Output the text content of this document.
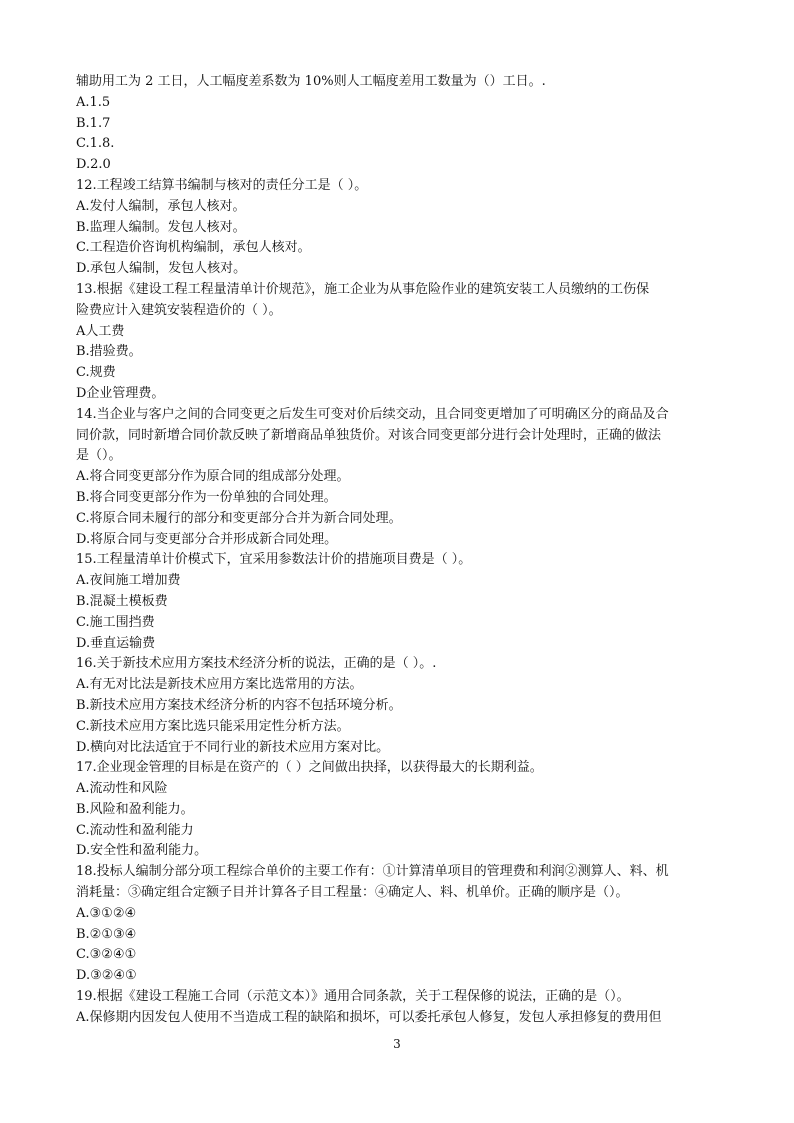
辅助用工为 2 工日，人工幅度差系数为 10%则人工幅度差用工数量为（）工日。.
A.1.5
B.1.7
C.1.8.
D.2.0
12.工程竣工结算书编制与核对的责任分工是（ ）。
A.发付人编制，承包人核对。
B.监理人编制。发包人核对。
C.工程造价咨询机构编制，承包人核对。
D.承包人编制，发包人核对。
13.根据《建设工程工程量清单计价规范》，施工企业为从事危险作业的建筑安装工人员缴纳的工伤保
险费应计入建筑安装程造价的（ ）。
A人工费
B.措验费。
C.规费
D企业管理费。
14.当企业与客户之间的合同变更之后发生可变对价后续交动，且合同变更增加了可明确区分的商品及合
同价款，同时新增合同价款反映了新增商品单独货价。对该合同变更部分进行会计处理时，正确的做法
是（）。
A.将合同变更部分作为原合同的组成部分处理。
B.将合同变更部分作为一份单独的合同处理。
C.将原合同未履行的部分和变更部分合并为新合同处理。
D.将原合同与变更部分合并形成新合同处理。
15.工程量清单计价模式下，宜采用参数法计价的措施项目费是（ ）。
A.夜间施工增加费
B.混凝土模板费
C.施工围挡费
D.垂直运输费
16.关于新技术应用方案技术经济分析的说法，正确的是（ ）。.
A.有无对比法是新技术应用方案比选常用的方法。
B.新技术应用方案技术经济分析的内容不包括环境分析。
C.新技术应用方案比选只能采用定性分析方法。
D.横向对比法适宜于不同行业的新技术应用方案对比。
17.企业现金管理的目标是在资产的（ ）之间做出抉择，以获得最大的长期利益。
A.流动性和风险
B.风险和盈利能力。
C.流动性和盈利能力
D.安全性和盈利能力。
18.投标人编制分部分项工程综合单价的主要工作有：①计算清单项目的管理费和利润②测算人、料、机
消耗量：③确定组合定额子目并计算各子目工程量：④确定人、料、机单价。正确的顺序是（）。
A.③①②④
B.②①③④
C.③②④①
D.③②④①
19.根据《建设工程施工合同（示范文本）》通用合同条款，关于工程保修的说法，正确的是（）。
A.保修期内因发包人使用不当造成工程的缺陷和损坏，可以委托承包人修复，发包人承担修复的费用但
3
